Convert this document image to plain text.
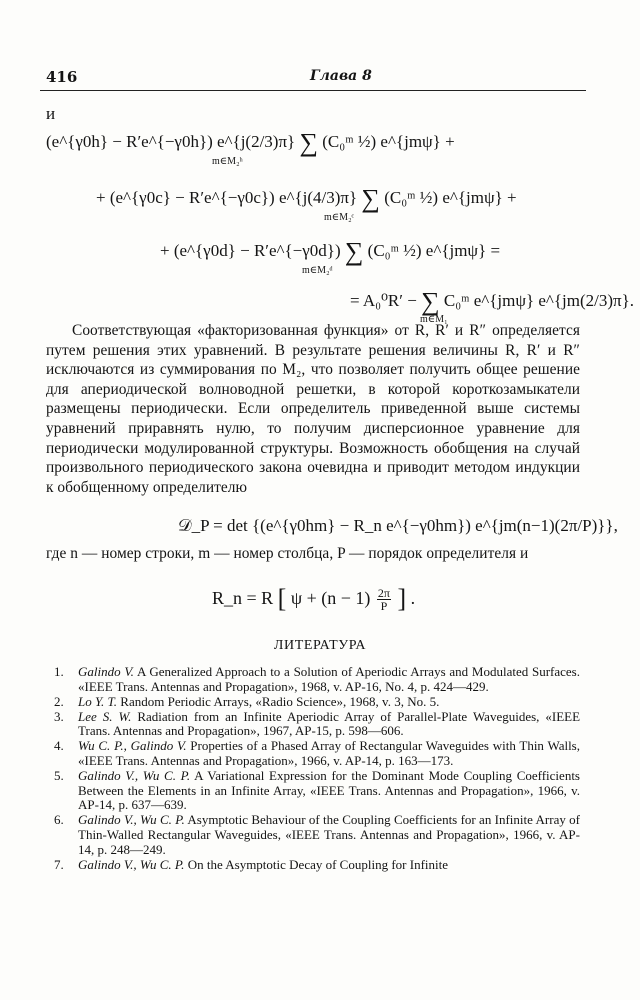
416	Глава 8
и
(e^{γ0h} − R′e^{−γ0h}) e^{j(2/3)π} ∑ (C₀ᵐ ½) e^{jmψ} +
m∈M₂ʰ
+ (e^{γ0c} − R′e^{−γ0c}) e^{j(4/3)π} ∑ (C₀ᵐ ½) e^{jmψ} +
m∈M₂ᶜ
+ (e^{γ0d} − R′e^{−γ0d}) ∑ (C₀ᵐ ½) e^{jmψ} =
m∈M₂ᵈ
= A₀⁰R′ − ∑ C₀ᵐ e^{jmψ} e^{jm(2/3)π}.
m∈M₁
Соответствующая «факторизованная функция» от R, R′ и R″ определяется путем решения этих уравнений. В результате решения величины R, R′ и R″ исключаются из суммирования по M₂, что позволяет получить общее решение для апериодической волноводной решетки, в которой короткозамыкатели размещены периодически. Если определитель приведенной выше системы уравнений приравнять нулю, то получим дисперсионное уравнение для периодически модулированной структуры. Возможность обобщения на случай произвольного периодического закона очевидна и приводит методом индукции к обобщенному определителю
𝒟_P = det {(e^{γ0hm} − R_n e^{−γ0hm}) e^{jm(n−1)(2π/P)}},
где n — номер строки, m — номер столбца, P — порядок определителя и
R_n = R [ $\psi + (n - 1) \frac{2\pi}{P}$ ] .
ЛИТЕРАТУРА
1. Galindo V. A Generalized Approach to a Solution of Aperiodic Arrays and Modulated Surfaces. «IEEE Trans. Antennas and Propagation», 1968, v. AP-16, No. 4, p. 424—429.
2. Lo Y. T. Random Periodic Arrays, «Radio Science», 1968, v. 3, No. 5.
3. Lee S. W. Radiation from an Infinite Aperiodic Array of Parallel-Plate Waveguides, «IEEE Trans. Antennas and Propagation», 1967, AP-15, p. 598—606.
4. Wu C. P., Galindo V. Properties of a Phased Array of Rectangular Waveguides with Thin Walls, «IEEE Trans. Antennas and Propagation», 1966, v. AP-14, p. 163—173.
5. Galindo V., Wu C. P. A Variational Expression for the Dominant Mode Coupling Coefficients Between the Elements in an Infinite Array, «IEEE Trans. Antennas and Propagation», 1966, v. AP-14, p. 637—639.
6. Galindo V., Wu C. P. Asymptotic Behaviour of the Coupling Coefficients for an Infinite Array of Thin-Walled Rectangular Waveguides, «IEEE Trans. Antennas and Propagation», 1966, v. AP-14, p. 248—249.
7. Galindo V., Wu C. P. On the Asymptotic Decay of Coupling for Infinite
